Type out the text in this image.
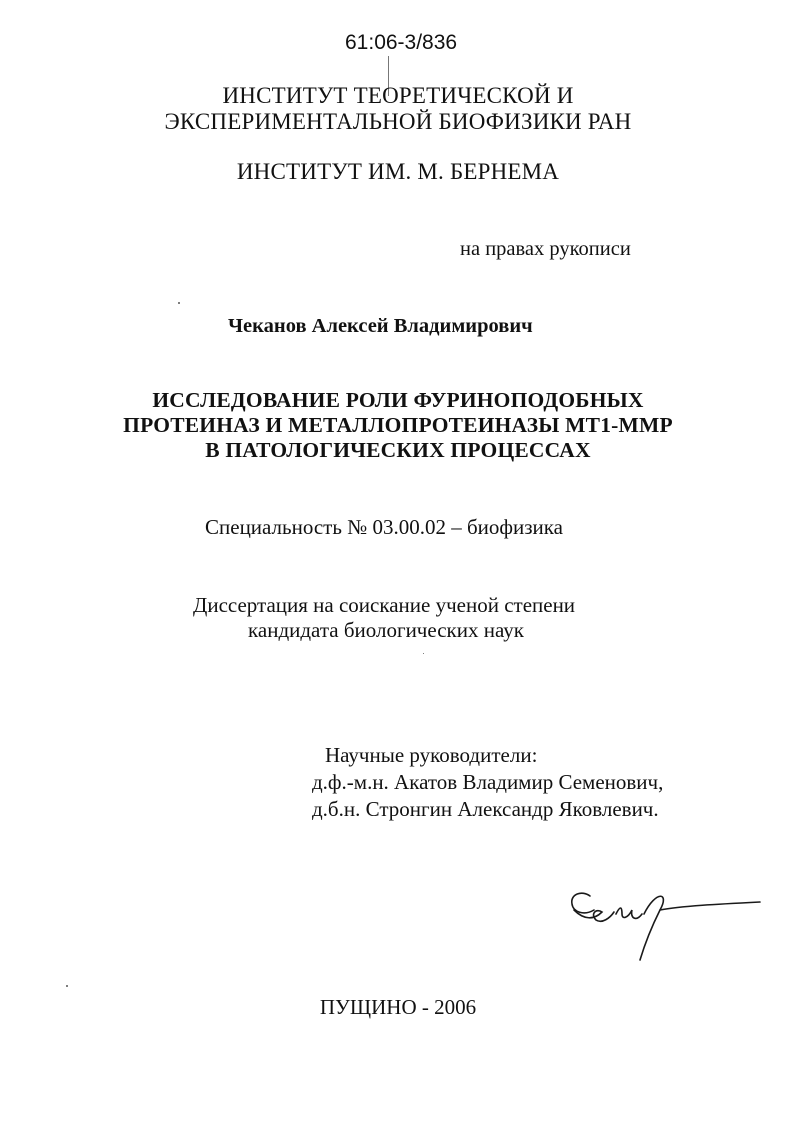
61:06-3/836
ИНСТИТУТ ТЕОРЕТИЧЕСКОЙ И
ЭКСПЕРИМЕНТАЛЬНОЙ БИОФИЗИКИ РАН
ИНСТИТУТ ИМ. М. БЕРНЕМА
на правах рукописи
Чеканов Алексей Владимирович
ИССЛЕДОВАНИЕ РОЛИ ФУРИНОПОДОБНЫХ
ПРОТЕИНАЗ И МЕТАЛЛОПРОТЕИНАЗЫ МТ1-ММР
В ПАТОЛОГИЧЕСКИХ ПРОЦЕССАХ
Специальность № 03.00.02 – биофизика
Диссертация на соискание ученой степени
кандидата биологических наук
Научные руководители:
д.ф.-м.н. Акатов Владимир Семенович,
д.б.н. Стронгин Александр Яковлевич.
ПУЩИНО - 2006
